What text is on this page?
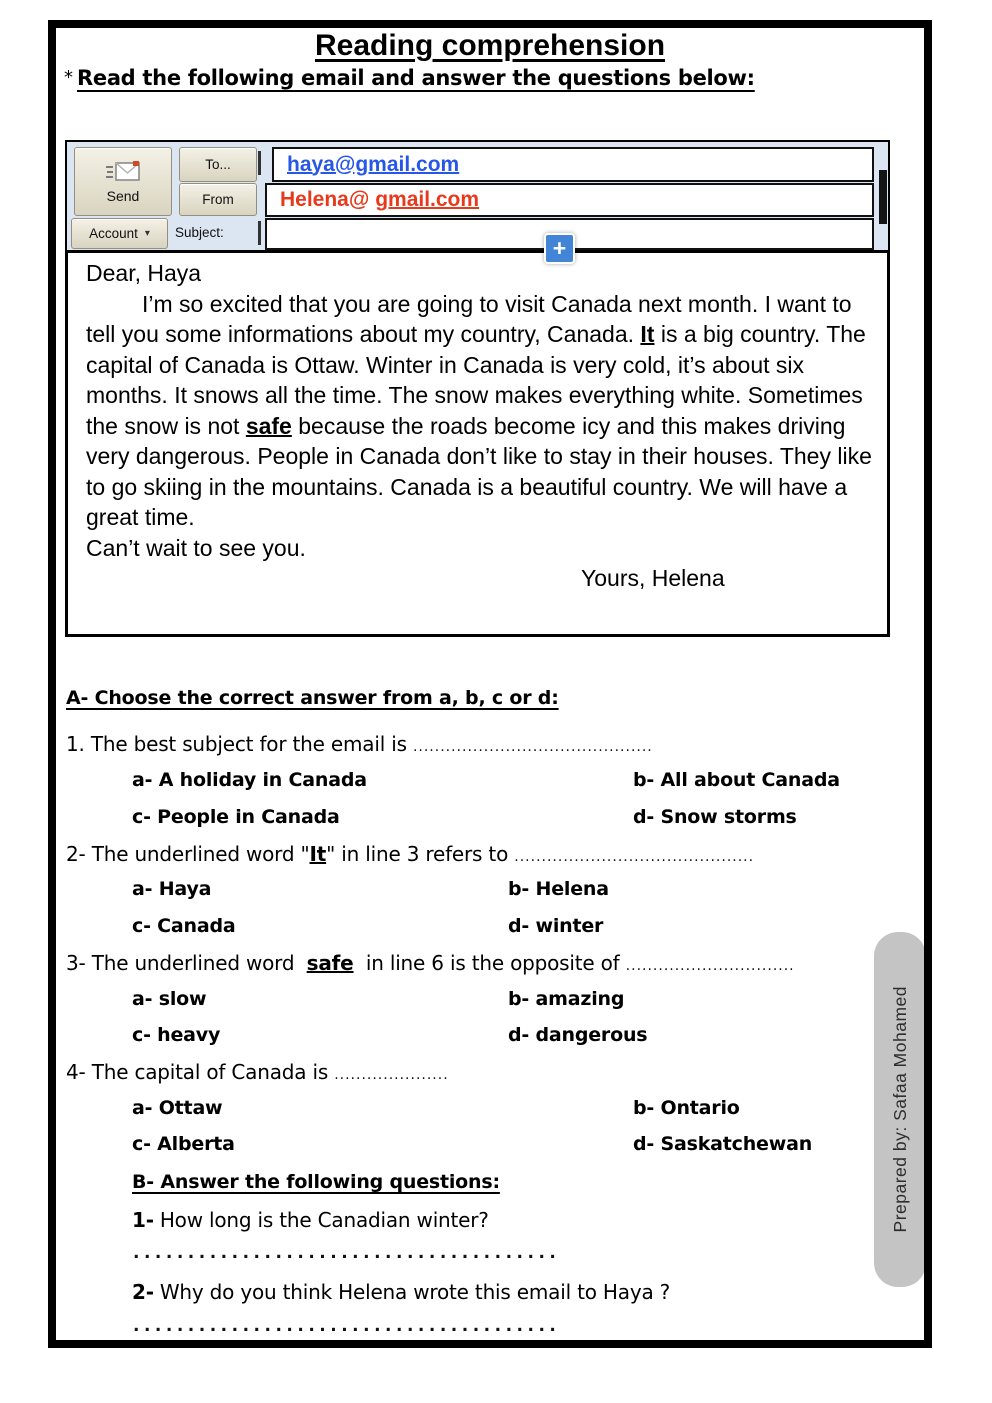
Reading comprehension
* Read the following email and answer the questions below:
Send
Account ▾
To...
From
Subject:
haya@gmail.com
Helena@ gmail.com
+

Dear, Haya

I’m so excited that you are going to visit Canada next month. I want to tell you some informations about my country, Canada. It is a big country. The capital of Canada is Ottaw. Winter in Canada is very cold, it’s about six months. It snows all the time. The snow makes everything white. Sometimes the snow is not safe because the roads become icy and this makes driving very dangerous. People in Canada don’t like to stay in their houses. They like to go skiing in the mountains. Canada is a beautiful country. We will have a great time.

Can’t wait to see you.

Yours, Helena

A- Choose the correct answer from a, b, c or d:
1. The best subject for the email is ............................................
a- A holiday in Canada	b- All about Canada
c- People in Canada	d- Snow storms
2- The underlined word "It" in line 3 refers to ............................................
a- Haya	b- Helena
c- Canada	d- winter
3- The underlined word  safe  in line 6 is the opposite of ...............................
a- slow	b- amazing
c- heavy	d- dangerous
4- The capital of Canada is .....................
a- Ottaw	b- Ontario
c- Alberta	d- Saskatchewan
B- Answer the following questions:
1- How long is the Canadian winter?
.......................................
2- Why do you think Helena wrote this email to Haya ?
.......................................
Prepared by: Safaa Mohamed
